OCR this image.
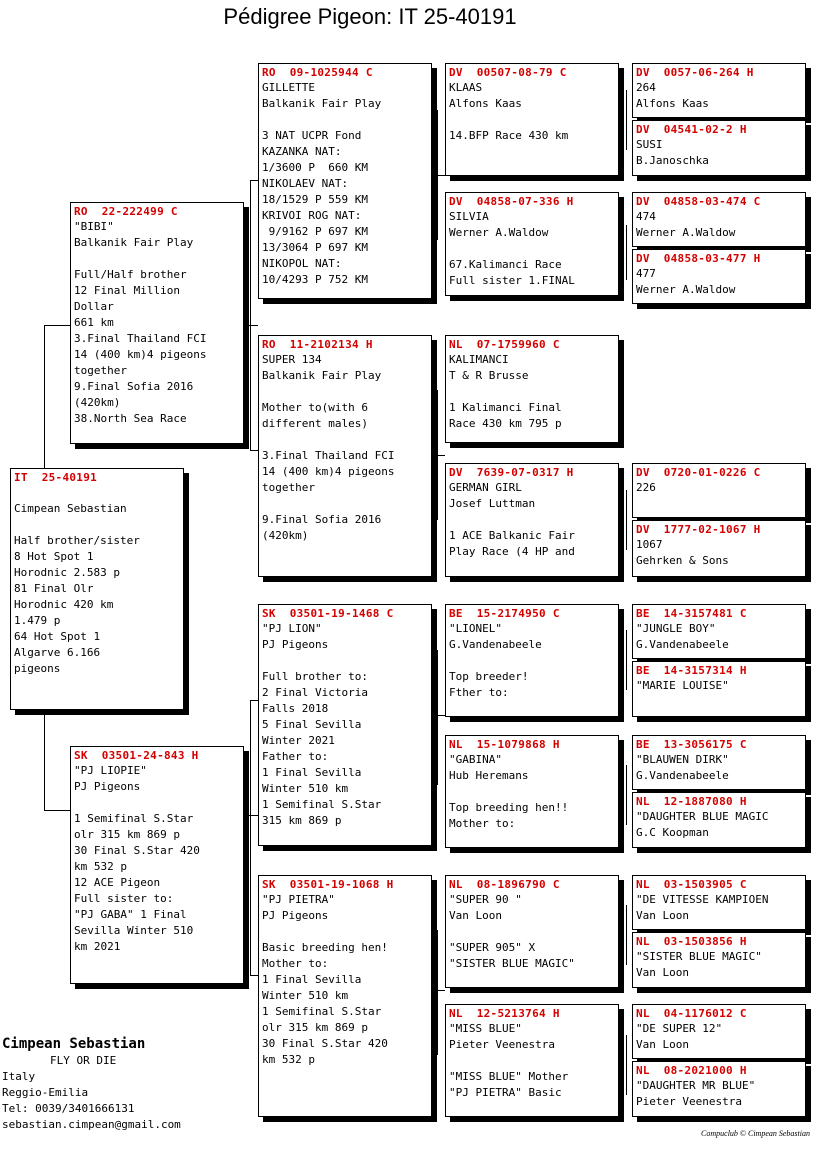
Pédigree Pigeon: IT 25-40191
IT  25-40191

Cimpean Sebastian

Half brother/sister
8 Hot Spot 1
Horodnic 2.583 p
81 Final Olr
Horodnic 420 km
1.479 p
64 Hot Spot 1
Algarve 6.166
pigeons
RO  22-222499 C
"BIBI"
Balkanik Fair Play

Full/Half brother
12 Final Million
Dollar
661 km
3.Final Thailand FCI
14 (400 km)4 pigeons
together
9.Final Sofia 2016
(420km)
38.North Sea Race
SK  03501-24-843 H
"PJ LIOPIE"
PJ Pigeons

1 Semifinal S.Star
olr 315 km 869 p
30 Final S.Star 420
km 532 p
12 ACE Pigeon
Full sister to:
"PJ GABA" 1 Final
Sevilla Winter 510
km 2021
RO  09-1025944 C
GILLETTE
Balkanik Fair Play

3 NAT UCPR Fond
KAZANKA NAT:
1/3600 P  660 KM
NIKOLAEV NAT:
18/1529 P 559 KM
KRIVOI ROG NAT:
9/9162 P 697 KM
13/3064 P 697 KM
NIKOPOL NAT:
10/4293 P 752 KM
RO  11-2102134 H
SUPER 134
Balkanik Fair Play

Mother to(with 6
different males)

3.Final Thailand FCI
14 (400 km)4 pigeons
together

9.Final Sofia 2016
(420km)
SK  03501-19-1468 C
"PJ LION"
PJ Pigeons

Full brother to:
2 Final Victoria
Falls 2018
5 Final Sevilla
Winter 2021
Father to:
1 Final Sevilla
Winter 510 km
1 Semifinal S.Star
315 km 869 p
SK  03501-19-1068 H
"PJ PIETRA"
PJ Pigeons

Basic breeding hen!
Mother to:
1 Final Sevilla
Winter 510 km
1 Semifinal S.Star
olr 315 km 869 p
30 Final S.Star 420
km 532 p
DV  00507-08-79 C
KLAAS
Alfons Kaas

14.BFP Race 430 km
DV  04858-07-336 H
SILVIA
Werner A.Waldow

67.Kalimanci Race
Full sister 1.FINAL
NL  07-1759960 C
KALIMANCI
T & R Brusse

1 Kalimanci Final
Race 430 km 795 p
DV  7639-07-0317 H
GERMAN GIRL
Josef Luttman

1 ACE Balkanic Fair
Play Race (4 HP and
BE  15-2174950 C
"LIONEL"
G.Vandenabeele

Top breeder!
Fther to:
NL  15-1079868 H
"GABINA"
Hub Heremans

Top breeding hen!!
Mother to:
NL  08-1896790 C
"SUPER 90 "
Van Loon

"SUPER 905" X
"SISTER BLUE MAGIC"
NL  12-5213764 H
"MISS BLUE"
Pieter Veenestra

"MISS BLUE" Mother
"PJ PIETRA" Basic
DV  0057-06-264 H
264
Alfons Kaas
DV  04541-02-2 H
SUSI
B.Janoschka
DV  04858-03-474 C
474
Werner A.Waldow
DV  04858-03-477 H
477
Werner A.Waldow
DV  0720-01-0226 C
226
DV  1777-02-1067 H
1067
Gehrken & Sons
BE  14-3157481 C
"JUNGLE BOY"
G.Vandenabeele
BE  14-3157314 H
"MARIE LOUISE"
BE  13-3056175 C
"BLAUWEN DIRK"
G.Vandenabeele
NL  12-1887080 H
"DAUGHTER BLUE MAGIC
G.C Koopman
NL  03-1503905 C
"DE VITESSE KAMPIOEN
Van Loon
NL  03-1503856 H
"SISTER BLUE MAGIC"
Van Loon
NL  04-1176012 C
"DE SUPER 12"
Van Loon
NL  08-2021000 H
"DAUGHTER MR BLUE"
Pieter Veenestra
Cimpean Sebastian
FLY OR DIE
Italy
Reggio-Emilia
Tel: 0039/3401666131
sebastian.cimpean@gmail.com
Compuclub © Cimpean Sebastian
